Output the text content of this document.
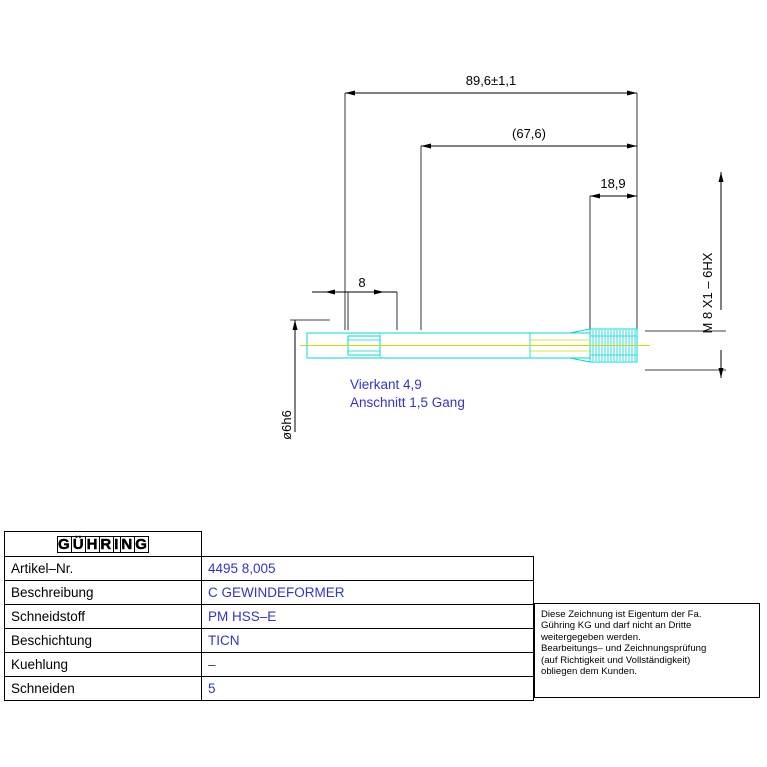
89,6±1,1
(67,6)
18,9
8
ø6h6
M 8 X1 – 6HX
Vierkant 4,9
Anschnitt 1,5 Gang
G Ü H R I N G	
Artikel–Nr.	4495 8,005
Beschreibung	C GEWINDEFORMER
Schneidstoff	PM HSS–E
Beschichtung	TICN
Kuehlung	–
Schneiden	5

Diese Zeichnung ist Eigentum der Fa.

Gühring KG und darf nicht an Dritte

weitergegeben werden.

Bearbeitungs– und Zeichnungsprüfung

(auf Richtigkeit und Vollständigkeit)

obliegen dem Kunden.
